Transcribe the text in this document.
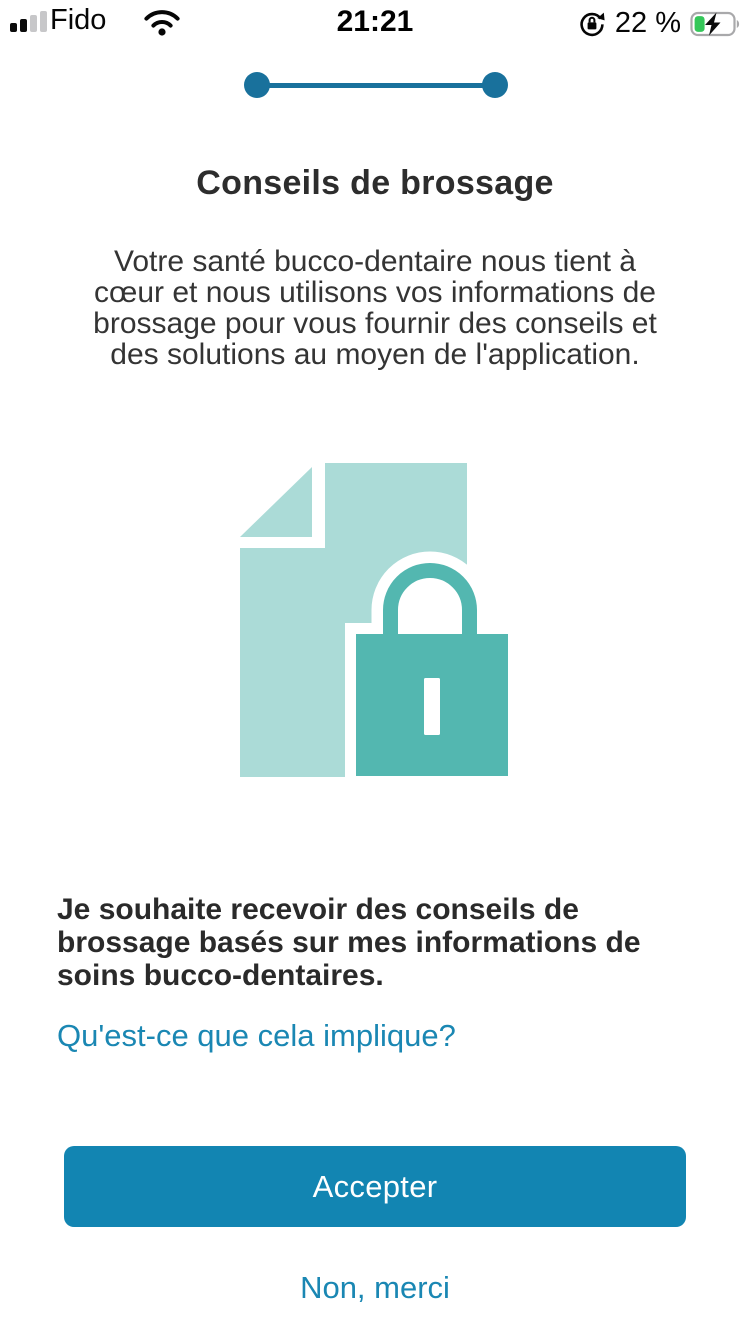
Fido	21:21	22 %
Conseils de brossage
Votre santé bucco-dentaire nous tient à
cœur et nous utilisons vos informations de
brossage pour vous fournir des conseils et
des solutions au moyen de l'application.
Je souhaite recevoir des conseils de
brossage basés sur mes informations de
soins bucco-dentaires.
Qu'est-ce que cela implique?
Accepter
Non, merci
